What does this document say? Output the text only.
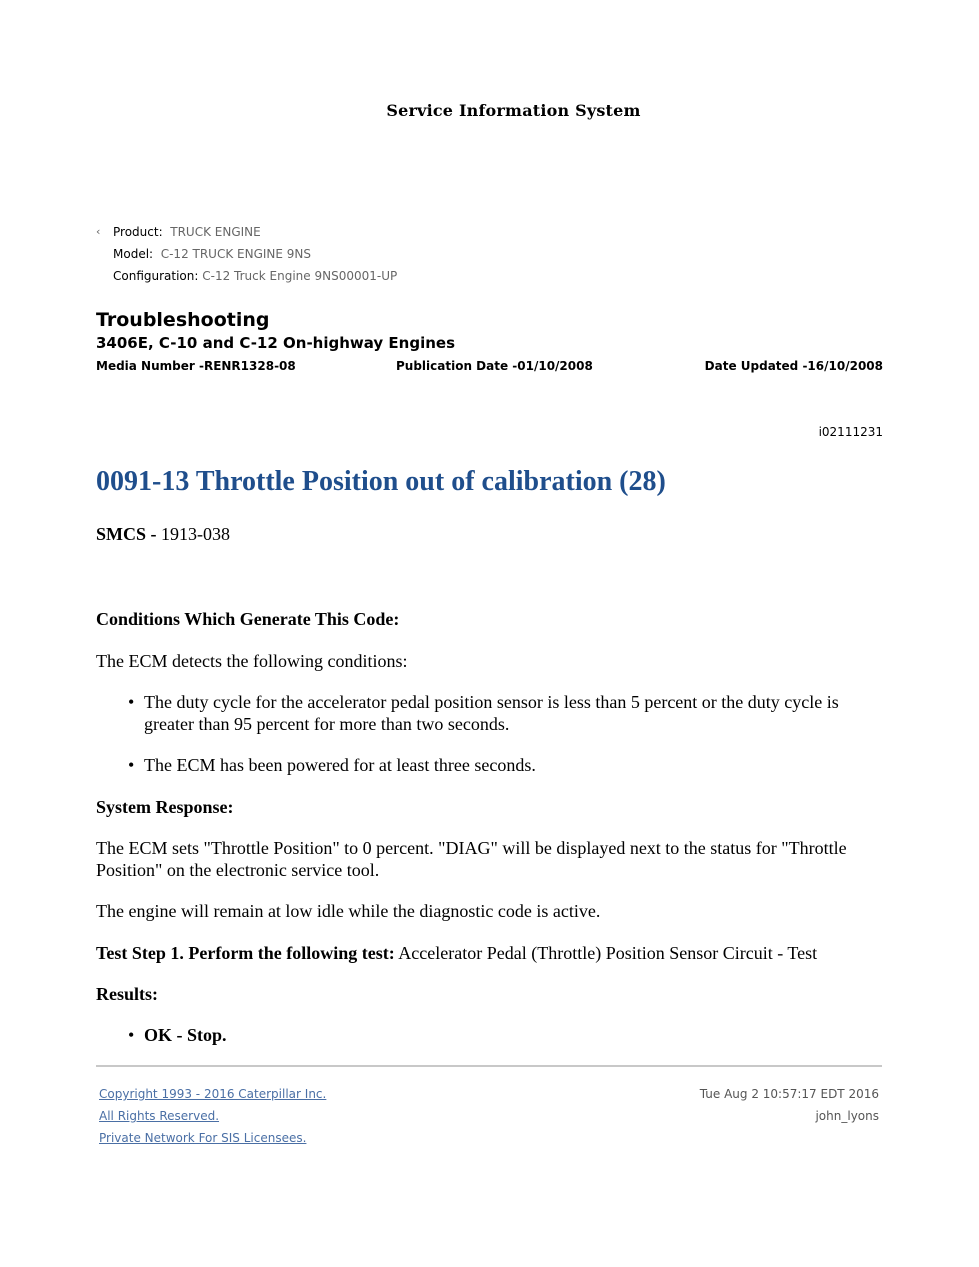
Service Information System
‹ Product: TRUCK ENGINE
Model: C-12 TRUCK ENGINE 9NS
Configuration: C-12 Truck Engine 9NS00001-UP
Troubleshooting
3406E, C-10 and C-12 On-highway Engines
Media Number -RENR1328-08	Publication Date -01/10/2008	Date Updated -16/10/2008
i02111231
0091-13 Throttle Position out of calibration (28)
SMCS - 1913-038
Conditions Which Generate This Code:
The ECM detects the following conditions:
• The duty cycle for the accelerator pedal position sensor is less than 5 percent or the duty cycle is greater than 95 percent for more than two seconds.
• The ECM has been powered for at least three seconds.
System Response:
The ECM sets "Throttle Position" to 0 percent. "DIAG" will be displayed next to the status for "Throttle Position" on the electronic service tool.
The engine will remain at low idle while the diagnostic code is active.
Test Step 1. Perform the following test: Accelerator Pedal (Throttle) Position Sensor Circuit - Test
Results:
• OK - Stop.
Copyright 1993 - 2016 Caterpillar Inc.
All Rights Reserved.
Private Network For SIS Licensees.
Tue Aug 2 10:57:17 EDT 2016
john_lyons
